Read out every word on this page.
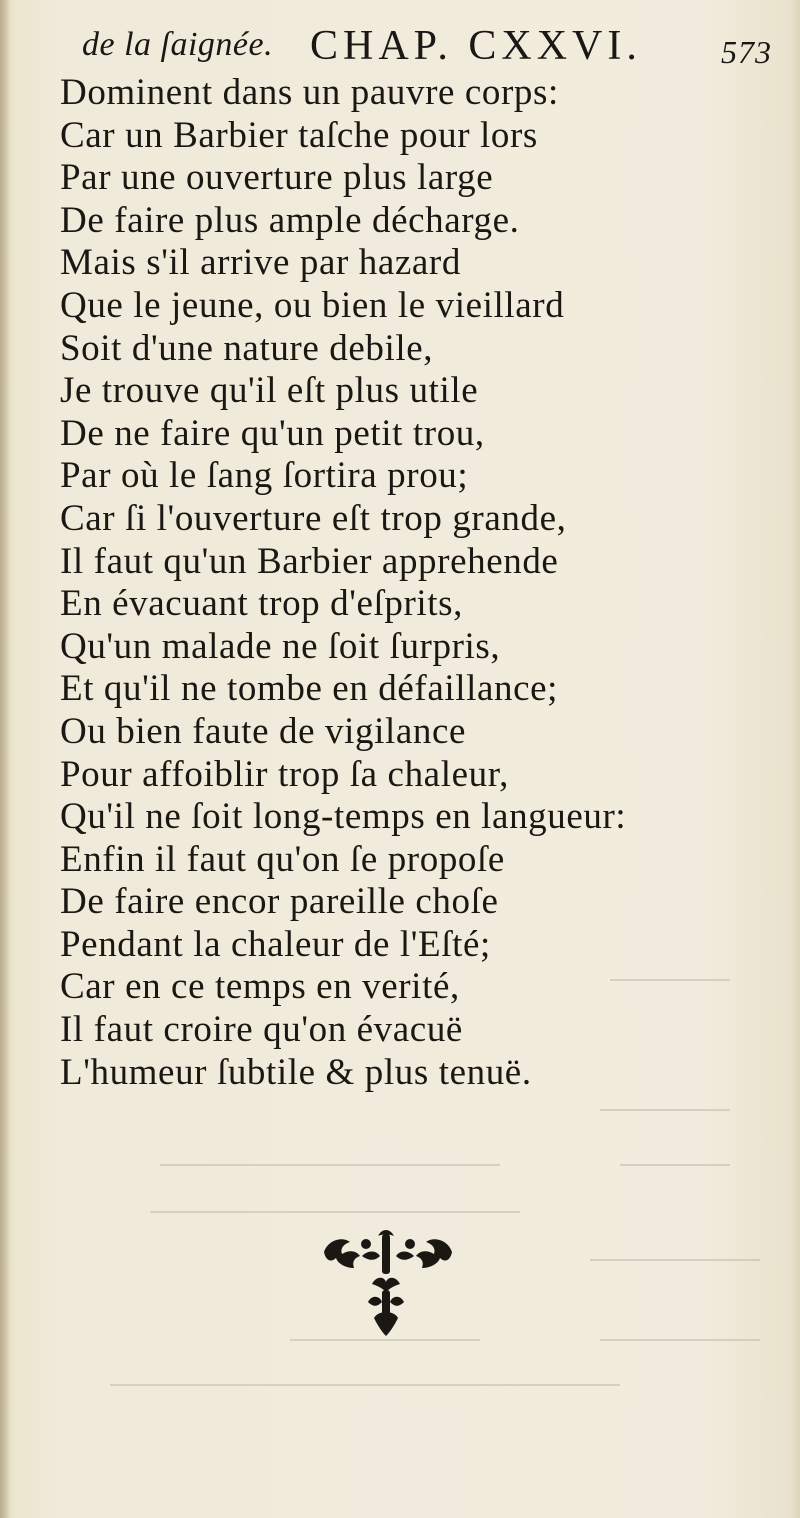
de la ſaignée. CHAP. CXXVI. 573
Dominent dans un pauvre corps:
Car un Barbier taſche pour lors
Par une ouverture plus large
De faire plus ample décharge.
Mais s'il arrive par hazard
Que le jeune, ou bien le vieillard
Soit d'une nature debile,
Je trouve qu'il eſt plus utile
De ne faire qu'un petit trou,
Par où le ſang ſortira prou;
Car ſi l'ouverture eſt trop grande,
Il faut qu'un Barbier apprehende
En évacuant trop d'eſprits,
Qu'un malade ne ſoit ſurpris,
Et qu'il ne tombe en défaillance;
Ou bien faute de vigilance
Pour affoiblir trop ſa chaleur,
Qu'il ne ſoit long-temps en langueur:
Enfin il faut qu'on ſe propoſe
De faire encor pareille choſe
Pendant la chaleur de l'Eſté;
Car en ce temps en verité,
Il faut croire qu'on évacuë
L'humeur ſubtile & plus tenuë.
